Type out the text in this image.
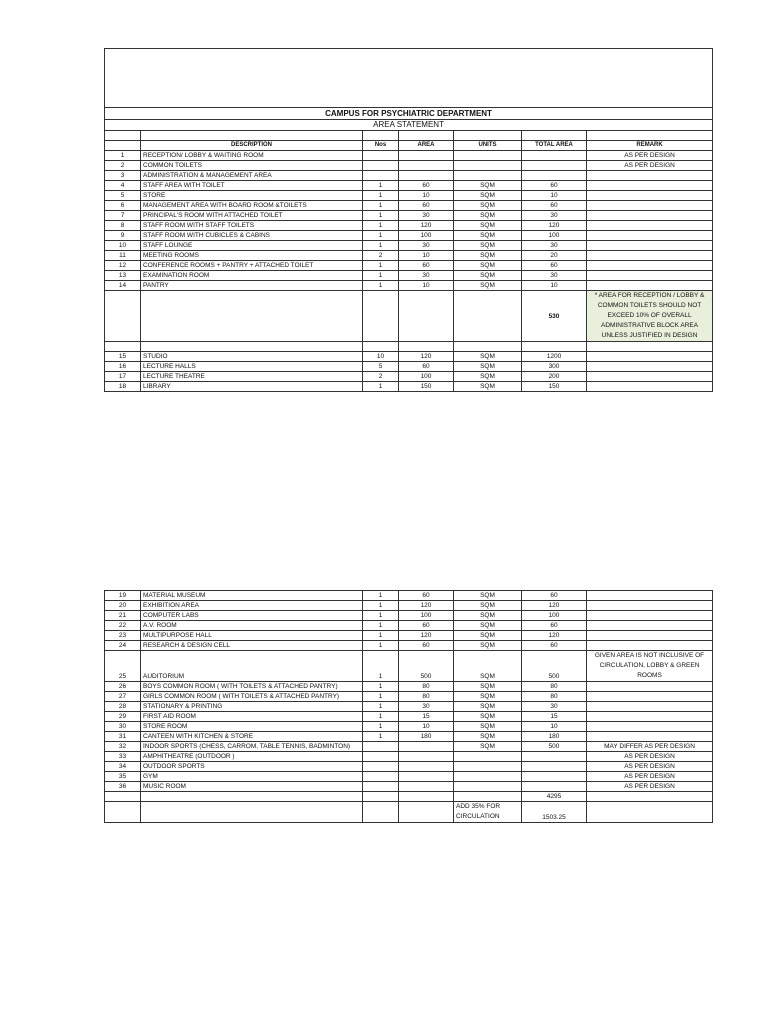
CAMPUS FOR PSYCHIATRIC DEPARTMENT						
AREA STATEMENT						

	DESCRIPTION	Nos	AREA	UNITS	TOTAL AREA	REMARK
1	RECEPTION/ LOBBY & WAITING ROOM					AS PER DESIGN
2	COMMON TOILETS					AS PER DESIGN
3	ADMINISTRATION & MANAGEMENT AREA					
4	STAFF AREA WITH TOILET	1	60	SQM	60	
5	STORE	1	10	SQM	10	
6	MANAGEMENT AREA WITH BOARD ROOM &TOILETS	1	60	SQM	60	
7	PRINCIPAL'S ROOM WITH ATTACHED TOILET	1	30	SQM	30	
8	STAFF ROOM WITH STAFF TOILETS	1	120	SQM	120	
9	STAFF ROOM WITH CUBICLES & CABINS	1	100	SQM	100	
10	STAFF LOUNGE	1	30	SQM	30	
11	MEETING ROOMS	2	10	SQM	20	
12	CONFERENCE ROOMS + PANTRY + ATTACHED TOILET	1	60	SQM	60	
13	EXAMINATION ROOM	1	30	SQM	30	
14	PANTRY	1	10	SQM	10	
					530	* AREA FOR RECEPTION / LOBBY & COMMON TOILETS SHOULD NOT EXCEED 10% OF OVERALL ADMINISTRATIVE BLOCK AREA UNLESS JUSTIFIED IN DESIGN

15	STUDIO	10	120	SQM	1200	
16	LECTURE HALLS	5	60	SQM	300	
17	LECTURE THEATRE	2	100	SQM	200	
18	LIBRARY	1	150	SQM	150	
19	MATERIAL MUSEUM	1	60	SQM	60	
20	EXHIBITION AREA	1	120	SQM	120	
21	COMPUTER LABS	1	100	SQM	100	
22	A.V. ROOM	1	60	SQM	60	
23	MULTIPURPOSE HALL	1	120	SQM	120	
24	RESEARCH & DESIGN CELL	1	60	SQM	60	
25	AUDITORIUM	1	500	SQM	500	GIVEN AREA IS NOT INCLUSIVE OF CIRCULATION, LOBBY & GREEN ROOMS
26	BOYS COMMON ROOM ( WITH TOILETS & ATTACHED PANTRY)	1	80	SQM	80	
27	GIRLS COMMON ROOM ( WITH TOILETS & ATTACHED PANTRY)	1	80	SQM	80	
28	STATIONARY & PRINTING	1	30	SQM	30	
29	FIRST AID ROOM	1	15	SQM	15	
30	STORE ROOM	1	10	SQM	10	
31	CANTEEN WITH KITCHEN & STORE	1	180	SQM	180	
32	INDOOR SPORTS (CHESS, CARROM, TABLE TENNIS, BADMINTON)			SQM	500	MAY DIFFER AS PER DESIGN
33	AMPHITHEATRE (OUTDOOR )					AS PER DESIGN
34	OUTDOOR SPORTS					AS PER DESIGN
35	GYM					AS PER DESIGN
36	MUSIC ROOM					AS PER DESIGN
					4295	
				ADD 35% FOR CIRCULATION	1503.25	
